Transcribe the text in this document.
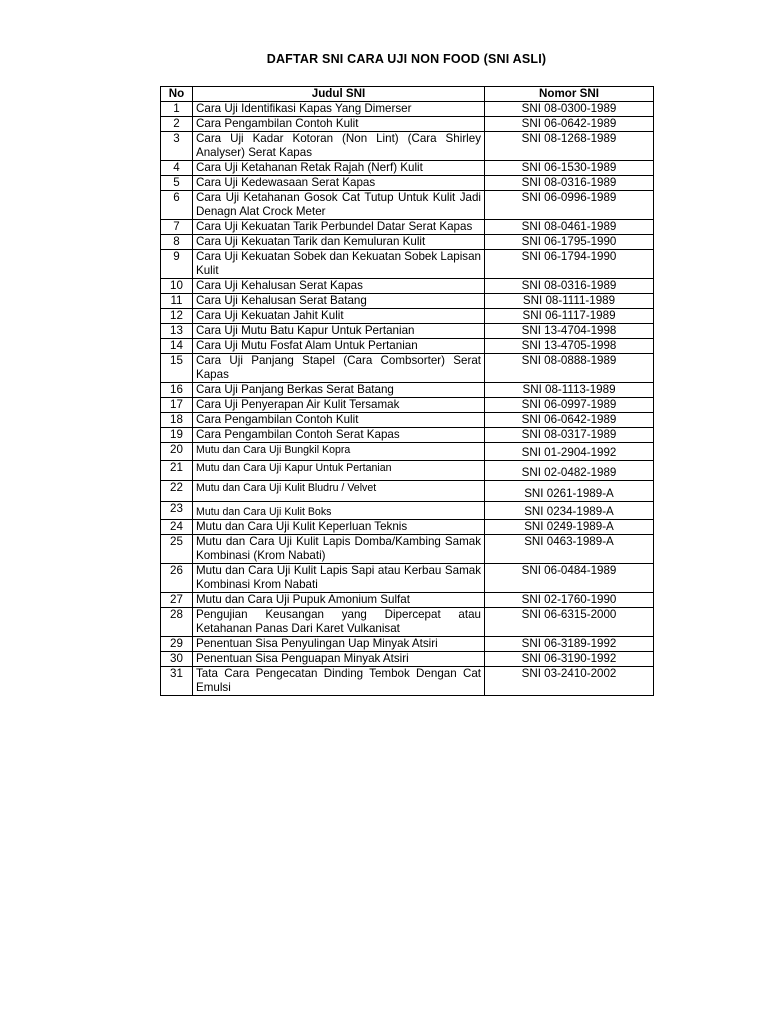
DAFTAR SNI CARA UJI NON FOOD (SNI ASLI)
No	Judul SNI	Nomor SNI
1	Cara Uji Identifikasi Kapas Yang Dimerser	SNI 08-0300-1989
2	Cara Pengambilan Contoh Kulit	SNI 06-0642-1989
3	Cara Uji Kadar Kotoran (Non Lint) (Cara Shirley Analyser) Serat Kapas	SNI 08-1268-1989
4	Cara Uji Ketahanan Retak Rajah (Nerf) Kulit	SNI 06-1530-1989
5	Cara Uji Kedewasaan Serat Kapas	SNI 08-0316-1989
6	Cara Uji Ketahanan Gosok Cat Tutup Untuk Kulit Jadi Denagn Alat Crock Meter	SNI 06-0996-1989
7	Cara Uji Kekuatan Tarik Perbundel Datar Serat Kapas	SNI 08-0461-1989
8	Cara Uji Kekuatan Tarik dan Kemuluran Kulit	SNI 06-1795-1990
9	Cara Uji Kekuatan Sobek dan Kekuatan Sobek Lapisan Kulit	SNI 06-1794-1990
10	Cara Uji Kehalusan Serat Kapas	SNI 08-0316-1989
11	Cara Uji Kehalusan Serat Batang	SNI 08-1111-1989
12	Cara Uji Kekuatan Jahit Kulit	SNI 06-1117-1989
13	Cara Uji Mutu Batu Kapur Untuk Pertanian	SNI 13-4704-1998
14	Cara Uji Mutu Fosfat Alam Untuk Pertanian	SNI 13-4705-1998
15	Cara Uji Panjang Stapel (Cara Combsorter) Serat Kapas	SNI 08-0888-1989
16	Cara Uji Panjang Berkas Serat Batang	SNI 08-1113-1989
17	Cara Uji Penyerapan Air Kulit Tersamak	SNI 06-0997-1989
18	Cara Pengambilan Contoh Kulit	SNI 06-0642-1989
19	Cara Pengambilan Contoh Serat Kapas	SNI 08-0317-1989
20	Mutu dan Cara Uji Bungkil Kopra	SNI 01-2904-1992
21	Mutu dan Cara Uji Kapur Untuk Pertanian	SNI 02-0482-1989
22	Mutu dan Cara Uji Kulit Bludru / Velvet	SNI 0261-1989-A
23	Mutu dan Cara Uji Kulit Boks	SNI 0234-1989-A
24	Mutu dan Cara Uji Kulit Keperluan Teknis	SNI 0249-1989-A
25	Mutu dan Cara Uji Kulit Lapis Domba/Kambing Samak Kombinasi (Krom Nabati)	SNI 0463-1989-A
26	Mutu dan Cara Uji Kulit Lapis Sapi atau Kerbau Samak Kombinasi Krom Nabati	SNI 06-0484-1989
27	Mutu dan Cara Uji Pupuk Amonium Sulfat	SNI 02-1760-1990
28	Pengujian Keusangan yang Dipercepat atau Ketahanan Panas Dari Karet Vulkanisat	SNI 06-6315-2000
29	Penentuan Sisa Penyulingan Uap Minyak Atsiri	SNI 06-3189-1992
30	Penentuan Sisa Penguapan Minyak Atsiri	SNI 06-3190-1992
31	Tata Cara Pengecatan Dinding Tembok Dengan Cat Emulsi	SNI 03-2410-2002
